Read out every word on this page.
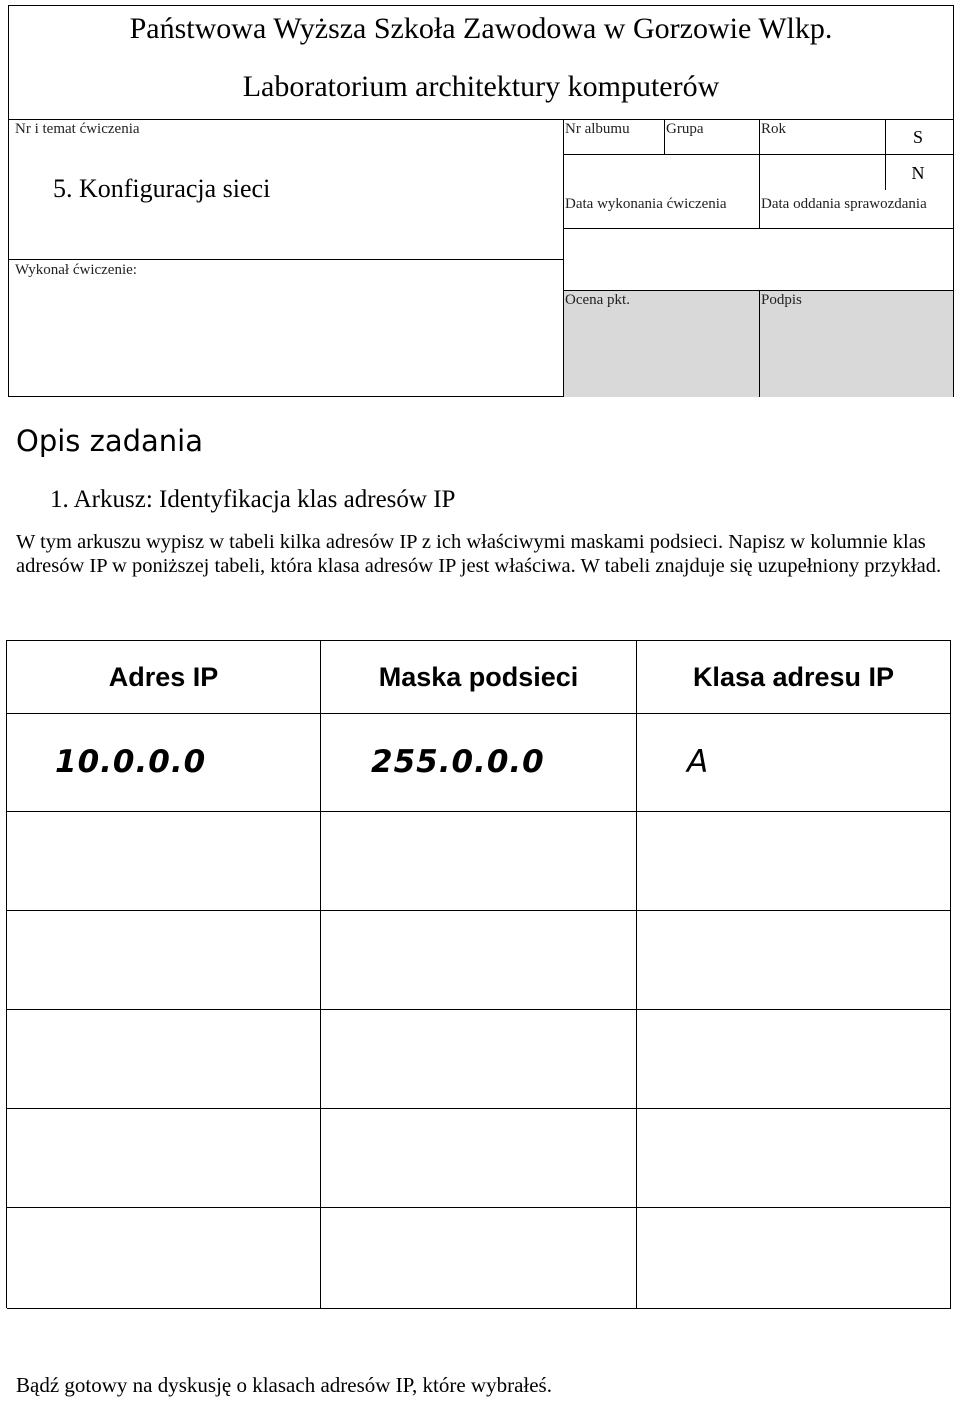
Państwowa Wyższa Szkoła Zawodowa w Gorzowie Wlkp.
Laboratorium architektury komputerów
Nr i temat ćwiczenia
5. Konfiguracja sieci
Nr albumu Grupa	Rok	S
N
Data wykonania ćwiczenia Data oddania sprawozdania
Wykonał ćwiczenie:
Ocena pkt.	Podpis
Opis zadania
1. Arkusz: Identyfikacja klas adresów IP
W tym arkuszu wypisz w tabeli kilka adresów IP z ich właściwymi maskami podsieci. Napisz w kolumnie klas adresów IP w poniższej tabeli, która klasa adresów IP jest właściwa. W tabeli znajduje się uzupełniony przykład.
Adres IP	Maska podsieci	Klasa adresu IP
10.0.0.0	255.0.0.0	A
Bądź gotowy na dyskusję o klasach adresów IP, które wybrałeś.
